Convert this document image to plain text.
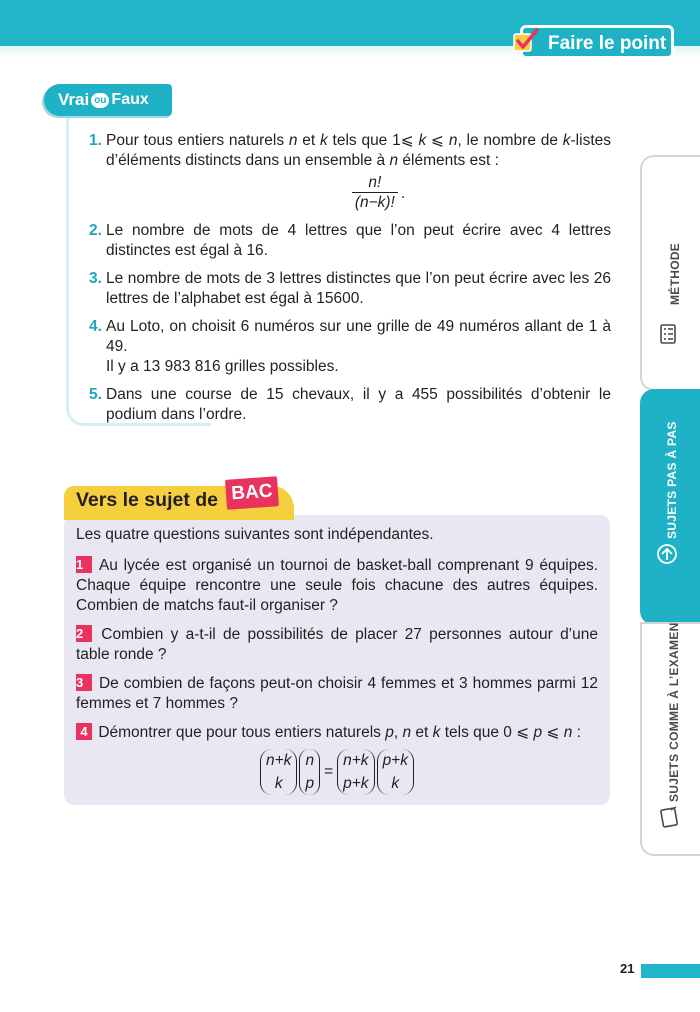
Faire le point
Vrai ou Faux
1. Pour tous entiers naturels n et k tels que 1⩽ k ⩽ n, le nombre de k-listes d’éléments distincts dans un ensemble à n éléments est :
$\frac{n!}{(n-k)!}$ .
2. Le nombre de mots de 4 lettres que l’on peut écrire avec 4 lettres distinctes est égal à 16.
3. Le nombre de mots de 3 lettres distinctes que l’on peut écrire avec les 26 lettres de l’alphabet est égal à 15600.
4. Au Loto, on choisit 6 numéros sur une grille de 49 numéros allant de 1 à 49.
Il y a 13 983 816 grilles possibles.
5. Dans une course de 15 chevaux, il y a 455 possibilités d’obtenir le podium dans l’ordre.
MÉTHODE
SUJETS PAS À PAS
SUJETS COMME À L’EXAMEN
Vers le sujet de BAC
Les quatre questions suivantes sont indépendantes.
1 Au lycée est organisé un tournoi de basket-ball comprenant 9 équipes. Chaque équipe rencontre une seule fois chacune des autres équipes. Combien de matchs faut-il organiser ?
2 Combien y a-t-il de possibilités de placer 27 personnes autour d’une table ronde ?
3 De combien de façons peut-on choisir 4 femmes et 3 hommes parmi 12 femmes et 7 hommes ?
4 Démontrer que pour tous entiers naturels p, n et k tels que 0 ⩽ p ⩽ n :
n+k
k
n
p
=
n+k
p+k
p+k
k
21
